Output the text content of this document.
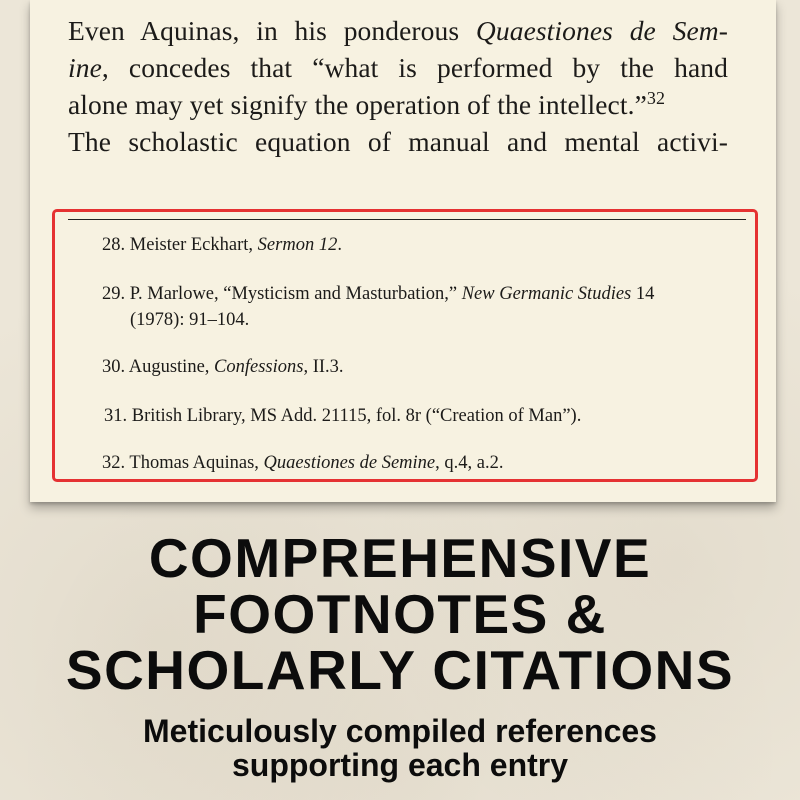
Even Aquinas, in his ponderous Quaestiones de Sem-
ine, concedes that “what is performed by the hand
alone may yet signify the operation of the intellect.”$^{32}$
The scholastic equation of manual and mental activi-
28. Meister Eckhart, Sermon 12.
29. P. Marlowe, “Mysticism and Masturbation,” New Germanic Studies 14
(1978): 91–104.
30. Augustine, Confessions, II.3.
31. British Library, MS Add. 21115, fol. 8r (“Creation of Man”).
32. Thomas Aquinas, Quaestiones de Semine, q.4, a.2.
COMPREHENSIVE
FOOTNOTES &
SCHOLARLY CITATIONS
Meticulously compiled references
supporting each entry
